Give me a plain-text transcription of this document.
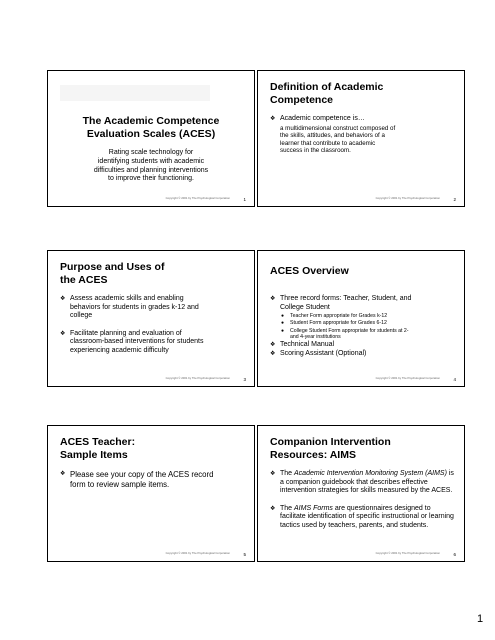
The Academic Competence
Evaluation Scales (ACES)
Rating scale technology for
identifying students with academic
difficulties and planning interventions
to improve their functioning.
Copyright © 2001 by The Psychological Corporation	1
Definition of Academic
Competence
❖ Academic competence is…
a multidimensional construct composed of
the skills, attitudes, and behaviors of a
learner that contribute to academic
success in the classroom.
Copyright © 2001 by The Psychological Corporation	2
Purpose and Uses of
the ACES
❖ Assess academic skills and enabling
behaviors for students in grades k-12 and
college
❖ Facilitate planning and evaluation of
classroom-based interventions for students
experiencing academic difficulty
Copyright © 2001 by The Psychological Corporation	3
ACES Overview
❖ Three record forms: Teacher, Student, and
College Student
● Teacher Form appropriate for Grades k-12
● Student Form appropriate for Grades 6-12
● College Student Form appropriate for students at 2-
and 4-year institutions
❖ Technical Manual
❖ Scoring Assistant (Optional)
Copyright © 2001 by The Psychological Corporation	4
ACES Teacher:
Sample Items
❖ Please see your copy of the ACES record
form to review sample items.
Copyright © 2001 by The Psychological Corporation	5
Companion Intervention
Resources: AIMS
❖ The Academic Intervention Monitoring System (AIMS) is a companion guidebook that describes effective intervention strategies for skills measured by the ACES.
❖ The AIMS Forms are questionnaires designed to facilitate identification of specific instructional or learning tactics used by teachers, parents, and students.
Copyright © 2001 by The Psychological Corporation	6
1
